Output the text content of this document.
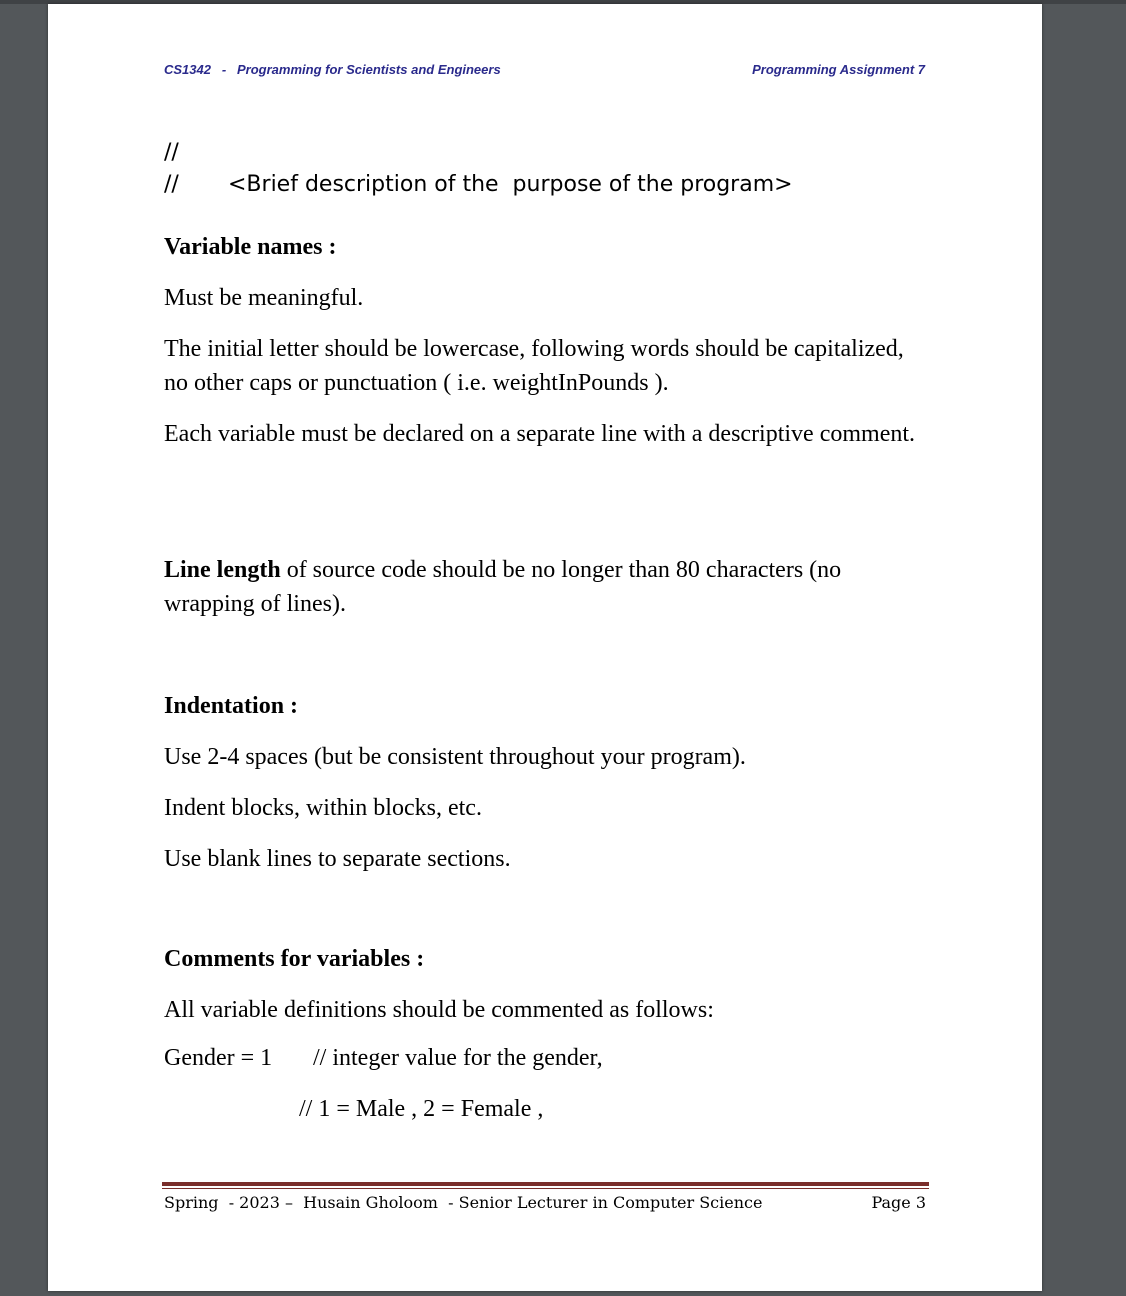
CS1342 - Programming for Scientists and Engineers	Programming Assignment 7
//
// <Brief description of the  purpose of the program>
Variable names :
Must be meaningful.
The initial letter should be lowercase, following words should be capitalized, no other caps or punctuation ( i.e. weightInPounds ).
Each variable must be declared on a separate line with a descriptive comment.
Line length of source code should be no longer than 80 characters (no wrapping of lines).
Indentation :
Use 2-4 spaces (but be consistent throughout your program).
Indent blocks, within blocks, etc.
Use blank lines to separate sections.
Comments for variables :
All variable definitions should be commented as follows:
Gender = 1 // integer value for the gender,
// 1 = Male , 2 = Female ,
Spring  - 2023 –  Husain Gholoom  - Senior Lecturer in Computer Science	Page 3
